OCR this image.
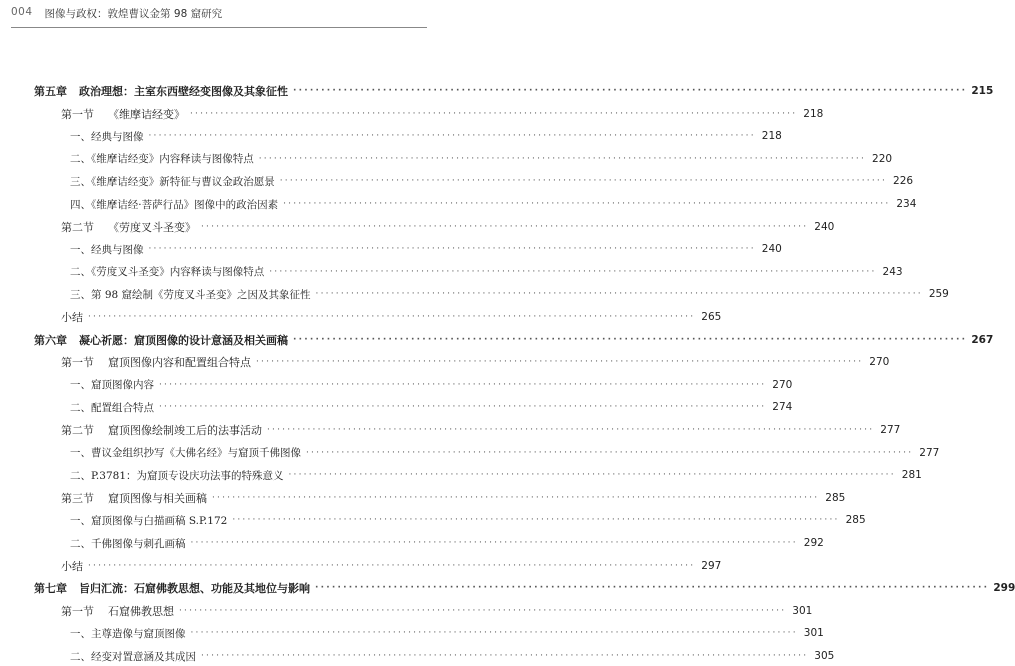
004 图像与政权：敦煌曹议金第 98 窟研究
第五章 政治理想：主室东西壁经变图像及其象征性 ························································································································ 215
第一节 《维摩诘经变》 ························································································································ 218
一、经典与图像 ························································································································ 218
二、《维摩诘经变》内容释读与图像特点 ························································································································ 220
三、《维摩诘经变》新特征与曹议金政治愿景 ························································································································ 226
四、《维摩诘经·菩萨行品》图像中的政治因素 ························································································································ 234
第二节 《劳度叉斗圣变》 ························································································································ 240
一、经典与图像 ························································································································ 240
二、《劳度叉斗圣变》内容释读与图像特点 ························································································································ 243
三、第 98 窟绘制《劳度叉斗圣变》之因及其象征性 ························································································································ 259
小结 ························································································································ 265
第六章 凝心祈愿：窟顶图像的设计意涵及相关画稿 ························································································································ 267
第一节 窟顶图像内容和配置组合特点 ························································································································ 270
一、窟顶图像内容 ························································································································ 270
二、配置组合特点 ························································································································ 274
第二节 窟顶图像绘制竣工后的法事活动 ························································································································ 277
一、曹议金组织抄写《大佛名经》与窟顶千佛图像 ························································································································ 277
二、P.3781：为窟顶专设庆功法事的特殊意义 ························································································································ 281
第三节 窟顶图像与相关画稿 ························································································································ 285
一、窟顶图像与白描画稿 S.P.172 ························································································································ 285
二、千佛图像与刺孔画稿 ························································································································ 292
小结 ························································································································ 297
第七章 旨归汇流：石窟佛教思想、功能及其地位与影响 ························································································································ 299
第一节 石窟佛教思想 ························································································································ 301
一、主尊造像与窟顶图像 ························································································································ 301
二、经变对置意涵及其成因 ························································································································ 305
